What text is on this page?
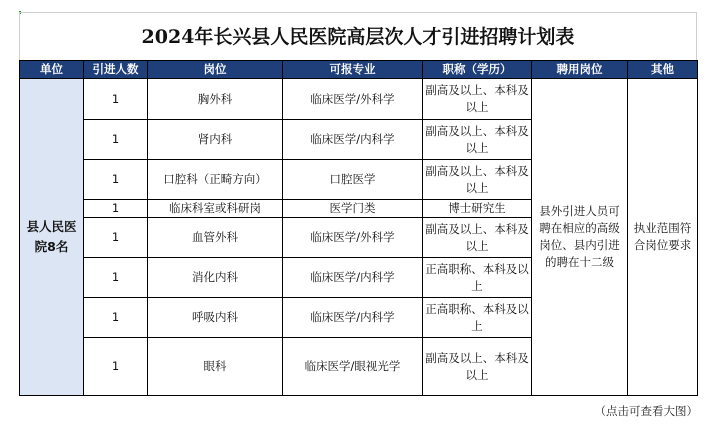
2024年长兴县人民医院高层次人才引进招聘计划表
单位	引进人数	岗位	可报专业	职称（学历）	聘用岗位	其他
县人民医院8名	1	胸外科	临床医学/外科学	副高及以上、本科及以上	县外引进人员可聘在相应的高级岗位、县内引进的聘在十二级	执业范围符合岗位要求
	1	肾内科	临床医学/内科学	副高及以上、本科及以上		
	1	口腔科（正畸方向）	口腔医学	副高及以上、本科及以上		
	1	临床科室或科研岗	医学门类	博士研究生		
	1	血管外科	临床医学/外科学	副高及以上、本科及以上		
	1	消化内科	临床医学/内科学	正高职称、本科及以上		
	1	呼吸内科	临床医学/内科学	正高职称、本科及以上		
	1	眼科	临床医学/眼视光学	副高及以上、本科及以上		
（点击可查看大图）
